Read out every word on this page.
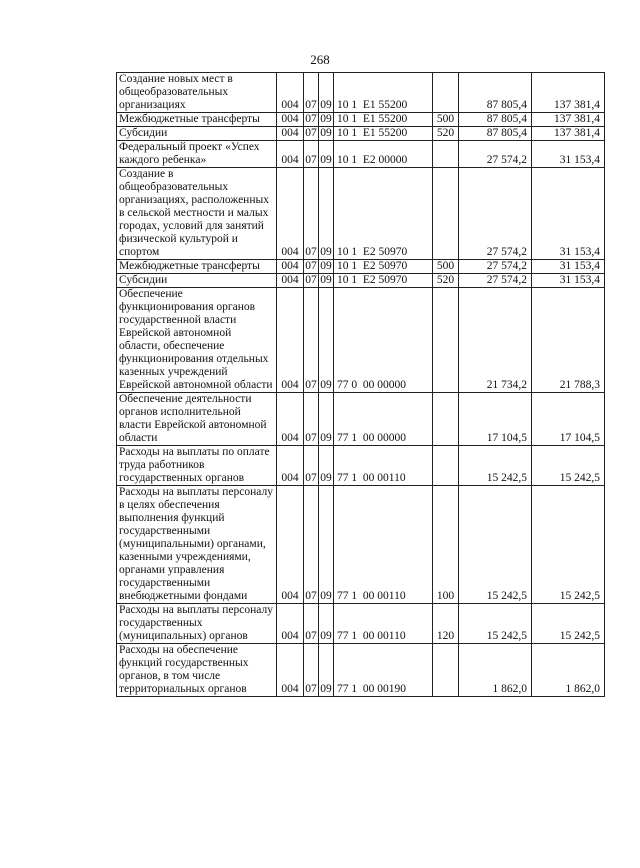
268
Создание новых мест в общеобразовательных организациях	004	07	09	10 1  E1 55200		87 805,4	137 381,4
Межбюджетные трансферты	004	07	09	10 1  E1 55200	500	87 805,4	137 381,4
Субсидии	004	07	09	10 1  E1 55200	520	87 805,4	137 381,4
Федеральный проект «Успех каждого ребенка»	004	07	09	10 1  E2 00000		27 574,2	31 153,4
Создание в общеобразовательных организациях, расположенных в сельской местности и малых городах, условий для занятий физической культурой и спортом	004	07	09	10 1  E2 50970		27 574,2	31 153,4
Межбюджетные трансферты	004	07	09	10 1  E2 50970	500	27 574,2	31 153,4
Субсидии	004	07	09	10 1  E2 50970	520	27 574,2	31 153,4
Обеспечение функционирования органов государственной власти Еврейской автономной области, обеспечение функционирования отдельных казенных учреждений Еврейской автономной области	004	07	09	77 0  00 00000		21 734,2	21 788,3
Обеспечение деятельности органов исполнительной власти Еврейской автономной области	004	07	09	77 1  00 00000		17 104,5	17 104,5
Расходы на выплаты по оплате труда работников государственных органов	004	07	09	77 1  00 00110		15 242,5	15 242,5
Расходы на выплаты персоналу в целях обеспечения выполнения функций государственными (муниципальными) органами, казенными учреждениями, органами управления государственными внебюджетными фондами	004	07	09	77 1  00 00110	100	15 242,5	15 242,5
Расходы на выплаты персоналу государственных (муниципальных) органов	004	07	09	77 1  00 00110	120	15 242,5	15 242,5
Расходы на обеспечение функций государственных органов, в том числе территориальных органов	004	07	09	77 1  00 00190		1 862,0	1 862,0
